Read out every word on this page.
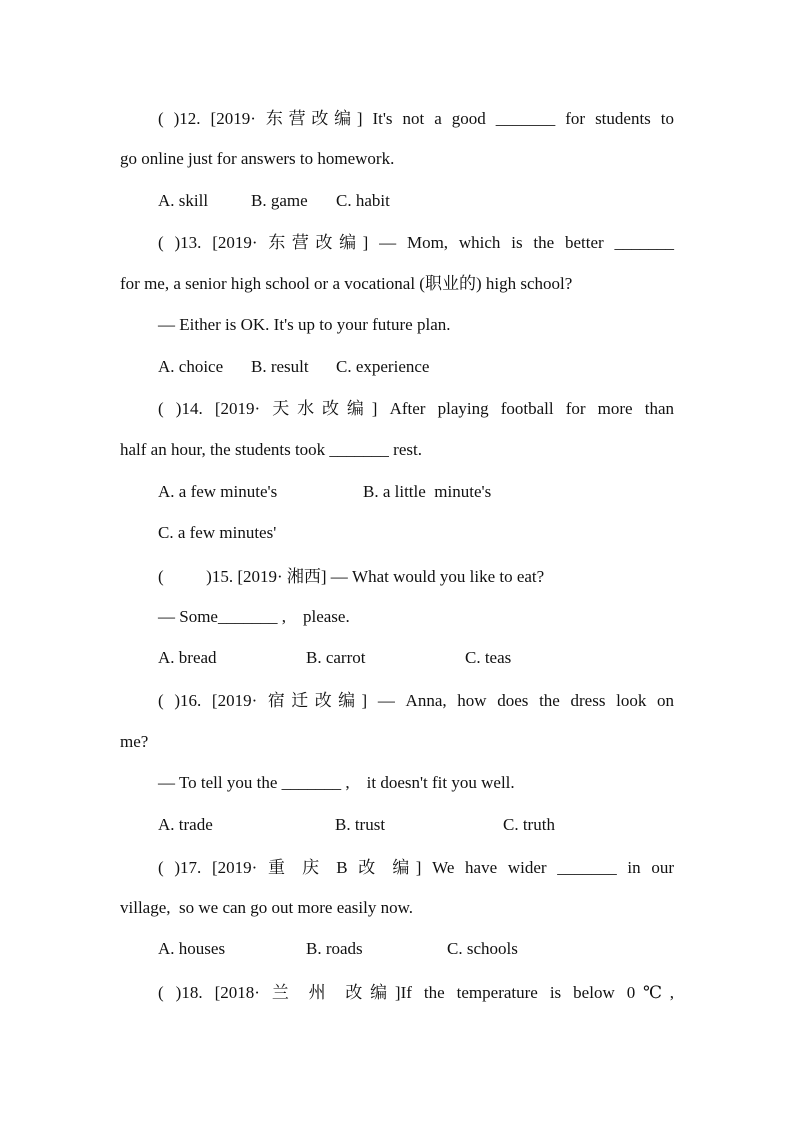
( )12. [2019· 东营改编] It's not a good _______ for students to
go online just for answers to homework.
A. skill	B. game C. habit
( )13. [2019· 东营改编] — Mom, which is the better _______
for me, a senior high school or a vocational (职业的) high school?
— Either is OK. It's up to your future plan.
A. choice B. result C. experience
( )14. [2019· 天水改编] After playing football for more than
half an hour, the students took _______ rest.
A. a few minute's	B. a little  minute's
C. a few minutes'
(          )15. [2019· 湘西] — What would you like to eat?
— Some_______ ,    please.
A. bread	B. carrot	C. teas
( )16. [2019· 宿迁改编] — Anna, how does the dress look on
me?
— To tell you the _______ ,    it doesn't fit you well.
A. trade	B. trust	C. truth
( )17. [2019· 重 庆 B 改 编] We have wider _______ in our
village,  so we can go out more easily now.
A. houses	B. roads	C. schools
( )18. [2018· 兰 州 改编]If the temperature is below 0℃,
